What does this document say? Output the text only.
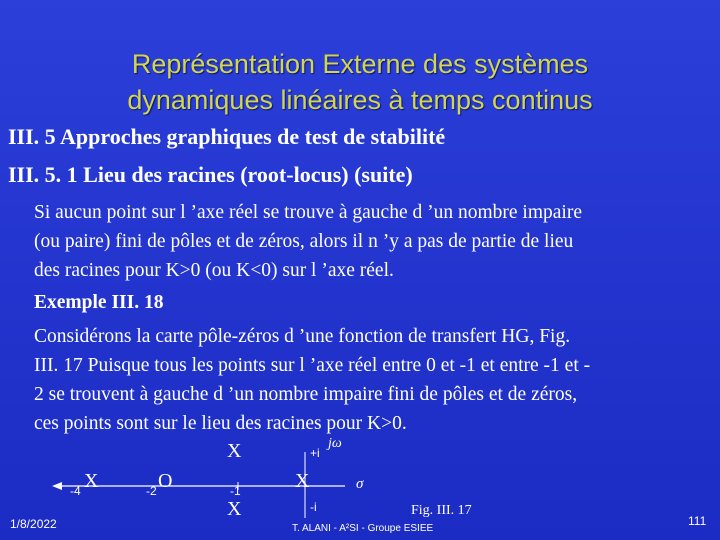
Représentation Externe des systèmes
dynamiques linéaires à temps continus
III. 5 Approches graphiques de test de stabilité
III. 5. 1 Lieu des racines (root-locus) (suite)
Si aucun point sur l ’axe réel se trouve à gauche d ’un nombre impaire
(ou paire) fini de pôles et de zéros, alors il n ’y a pas de partie de lieu
des racines pour K>0 (ou K<0) sur l ’axe réel.
Exemple III. 18
Considérons la carte pôle-zéros d ’une fonction de transfert HG, Fig.
III. 17 Puisque tous les points sur l ’axe réel entre 0 et -1 et entre -1 et -
2 se trouvent à gauche d ’un nombre impaire fini de pôles et de zéros,
ces points sont sur le lieu des racines pour K>0.
X	+i
jω
-4 X	-2 O	-1	X	σ
X	-i	Fig. III. 17
1/8/2022	T. ALANI - A²SI - Groupe ESIEE
111
